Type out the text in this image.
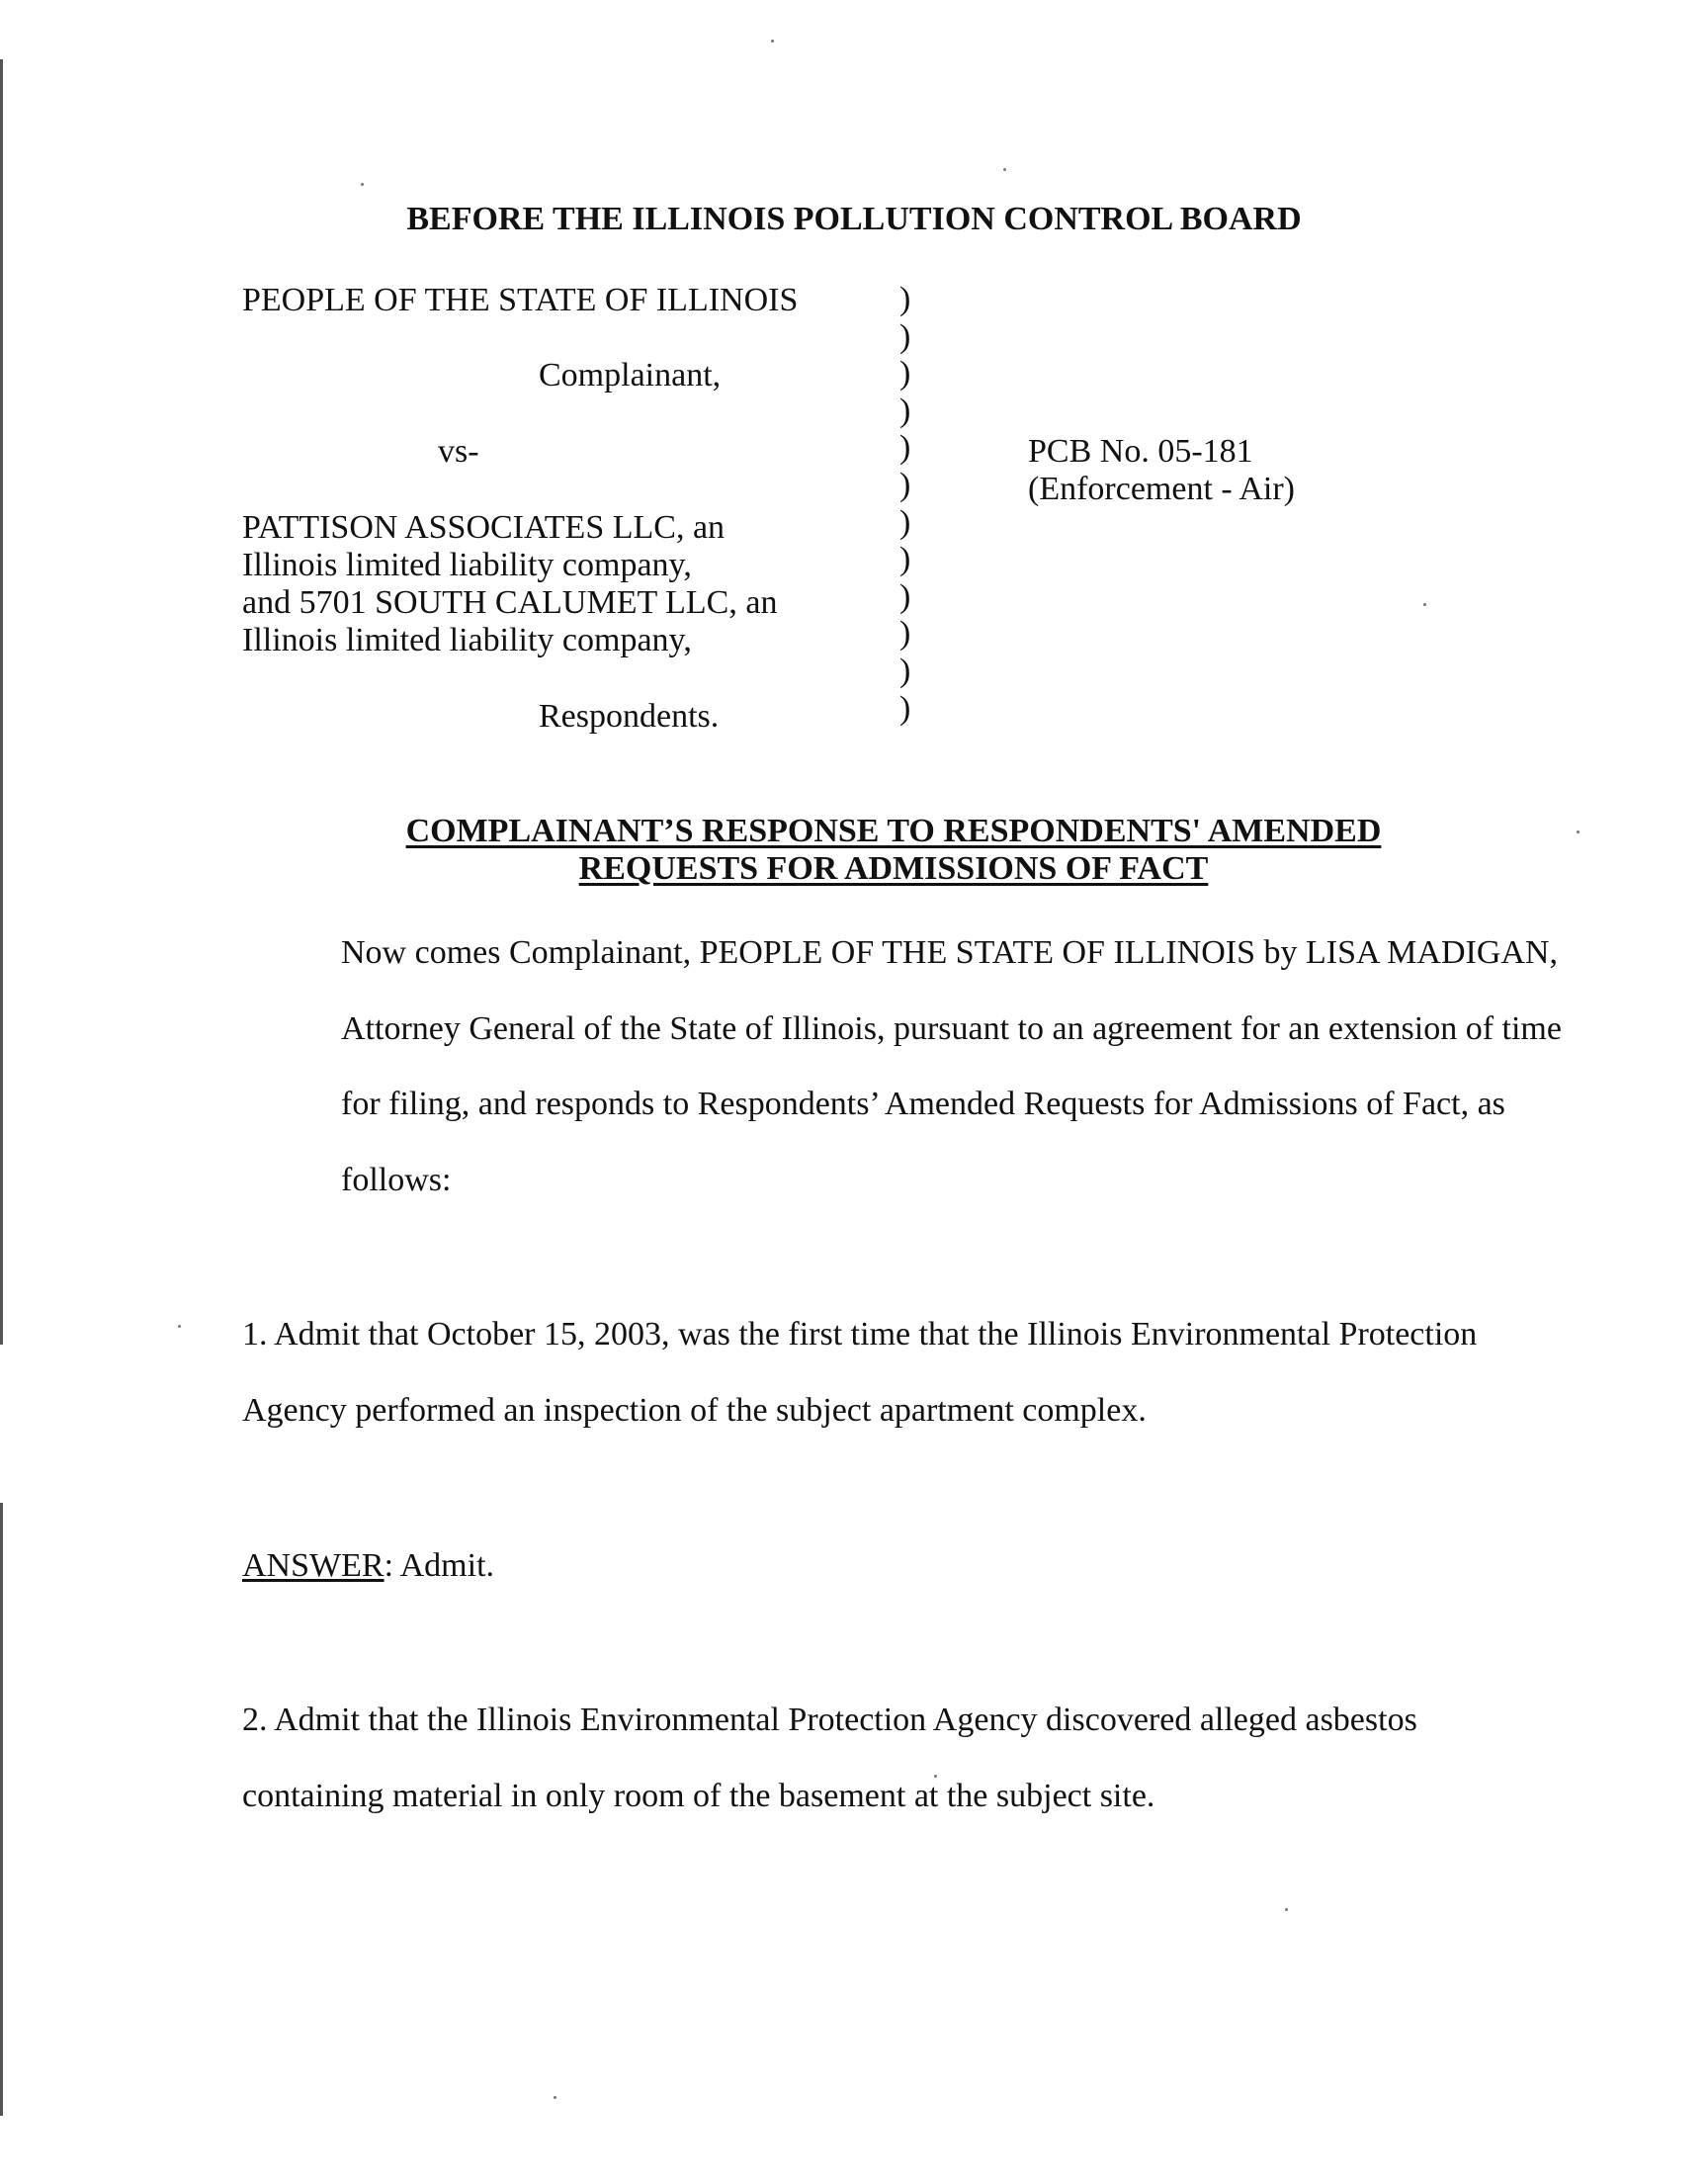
BEFORE THE ILLINOIS POLLUTION CONTROL BOARD

PEOPLE OF THE STATE OF ILLINOIS

Complainant,

vs-

PATTISON ASSOCIATES LLC, an

Illinois limited liability company,

and 5701 SOUTH CALUMET LLC, an

Illinois limited liability company,

Respondents.

)
)
)
)
)
)
)
)
)
)
)
)

PCB No. 05-181

(Enforcement - Air)

COMPLAINANT’S RESPONSE TO RESPONDENTS' AMENDED
REQUESTS FOR ADMISSIONS OF FACT

Now comes Complainant, PEOPLE OF THE STATE OF ILLINOIS by LISA MADIGAN, Attorney General of the State of Illinois, pursuant to an agreement for an extension of time for filing, and responds to Respondents’ Amended Requests for Admissions of Fact, as follows:

1. Admit that October 15, 2003, was the first time that the Illinois Environmental Protection Agency performed an inspection of the subject apartment complex.

ANSWER: Admit.

2. Admit that the Illinois Environmental Protection Agency discovered alleged asbestos containing material in only room of the basement at the subject site.
